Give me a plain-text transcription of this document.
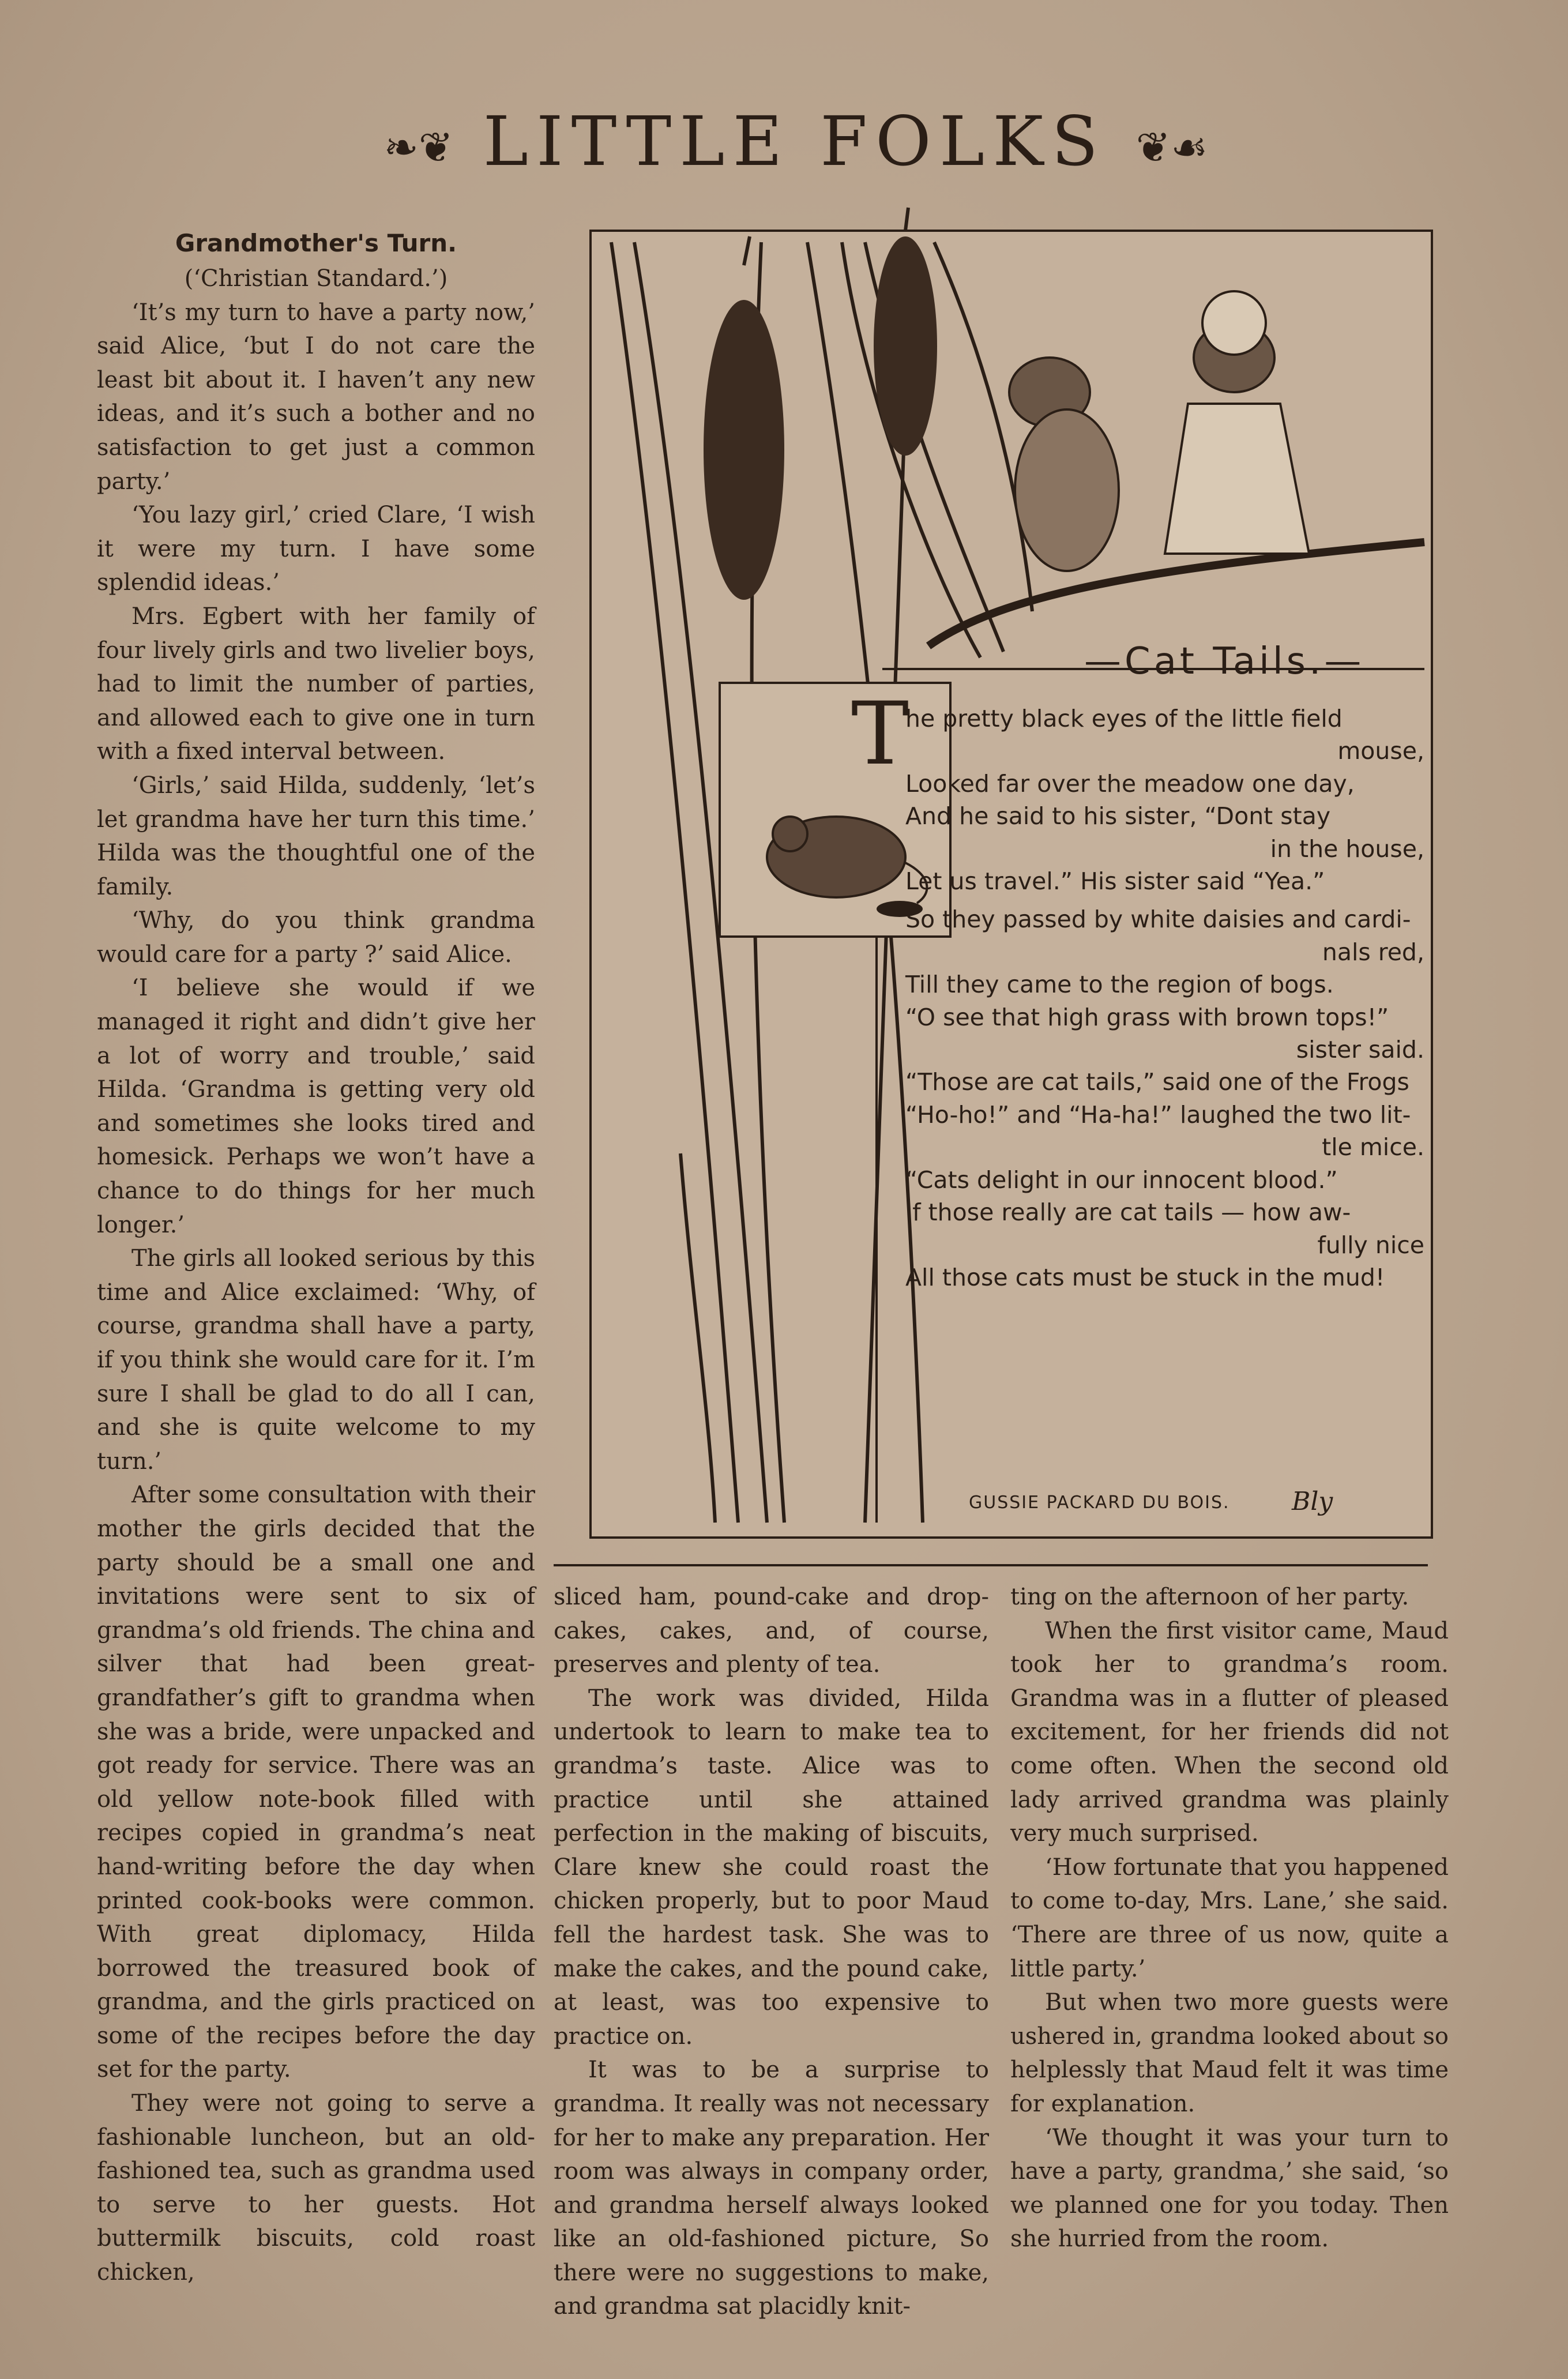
❧❦ LITTLE FOLKS ❦☙

Grandmother's Turn.

(‘Christian Standard.’)

‘It’s my turn to have a party now,’ said Alice, ‘but I do not care the least bit about it. I haven’t any new ideas, and it’s such a bother and no satisfaction to get just a common party.’

‘You lazy girl,’ cried Clare, ‘I wish it were my turn. I have some splendid ideas.’

Mrs. Egbert with her family of four lively girls and two livelier boys, had to limit the number of parties, and allowed each to give one in turn with a fixed interval between.

‘Girls,’ said Hilda, suddenly, ‘let’s let grandma have her turn this time.’ Hilda was the thoughtful one of the family.

‘Why, do you think grandma would care for a party ?’ said Alice.

‘I believe she would if we managed it right and didn’t give her a lot of worry and trouble,’ said Hilda. ‘Grandma is getting very old and sometimes she looks tired and homesick. Perhaps we won’t have a chance to do things for her much longer.’

The girls all looked serious by this time and Alice exclaimed: ‘Why, of course, grandma shall have a party, if you think she would care for it. I’m sure I shall be glad to do all I can, and she is quite welcome to my turn.’

After some consultation with their mother the girls decided that the party should be a small one and invitations were sent to six of grandma’s old friends. The china and silver that had been great-grandfather’s gift to grandma when she was a bride, were unpacked and got ready for service. There was an old yellow note-book filled with recipes copied in grandma’s neat hand-writing before the day when printed cook-books were common. With great diplomacy, Hilda borrowed the treasured book of grandma, and the girls practiced on some of the recipes before the day set for the party.

They were not going to serve a fashionable luncheon, but an old-fashioned tea, such as grandma used to serve to her guests. Hot buttermilk biscuits, cold roast chicken,

T
—Cat Tails.—
he pretty black eyes of the little field
mouse,
Looked far over the meadow one day,
And he said to his sister, “Dont stay
in the house,
Let us travel.” His sister said “Yea.”
So they passed by white daisies and cardi-
nals red,
Till they came to the region of bogs.
“O see that high grass with brown tops!”
sister said.
“Those are cat tails,” said one of the Frogs
“Ho-ho!” and “Ha-ha!” laughed the two lit-
tle mice.
“Cats delight in our innocent blood.”
If those really are cat tails — how aw-
fully nice
All those cats must be stuck in the mud!
GUSSIE PACKARD DU BOIS. Bly

sliced ham, pound-cake and drop-cakes, cakes, and, of course, preserves and plenty of tea.

The work was divided, Hilda undertook to learn to make tea to grandma’s taste. Alice was to practice until she attained perfection in the making of biscuits, Clare knew she could roast the chicken properly, but to poor Maud fell the hardest task. She was to make the cakes, and the pound cake, at least, was too expensive to practice on.

It was to be a surprise to grandma. It really was not necessary for her to make any preparation. Her room was always in company order, and grandma herself always looked like an old-fashioned picture, So there were no suggestions to make, and grandma sat placidly knit-

ting on the afternoon of her party.

When the first visitor came, Maud took her to grandma’s room. Grandma was in a flutter of pleased excitement, for her friends did not come often. When the second old lady arrived grandma was plainly very much surprised.

‘How fortunate that you happened to come to-day, Mrs. Lane,’ she said. ‘There are three of us now, quite a little party.’

But when two more guests were ushered in, grandma looked about so helplessly that Maud felt it was time for explanation.

‘We thought it was your turn to have a party, grandma,’ she said, ‘so we planned one for you today. Then she hurried from the room.
